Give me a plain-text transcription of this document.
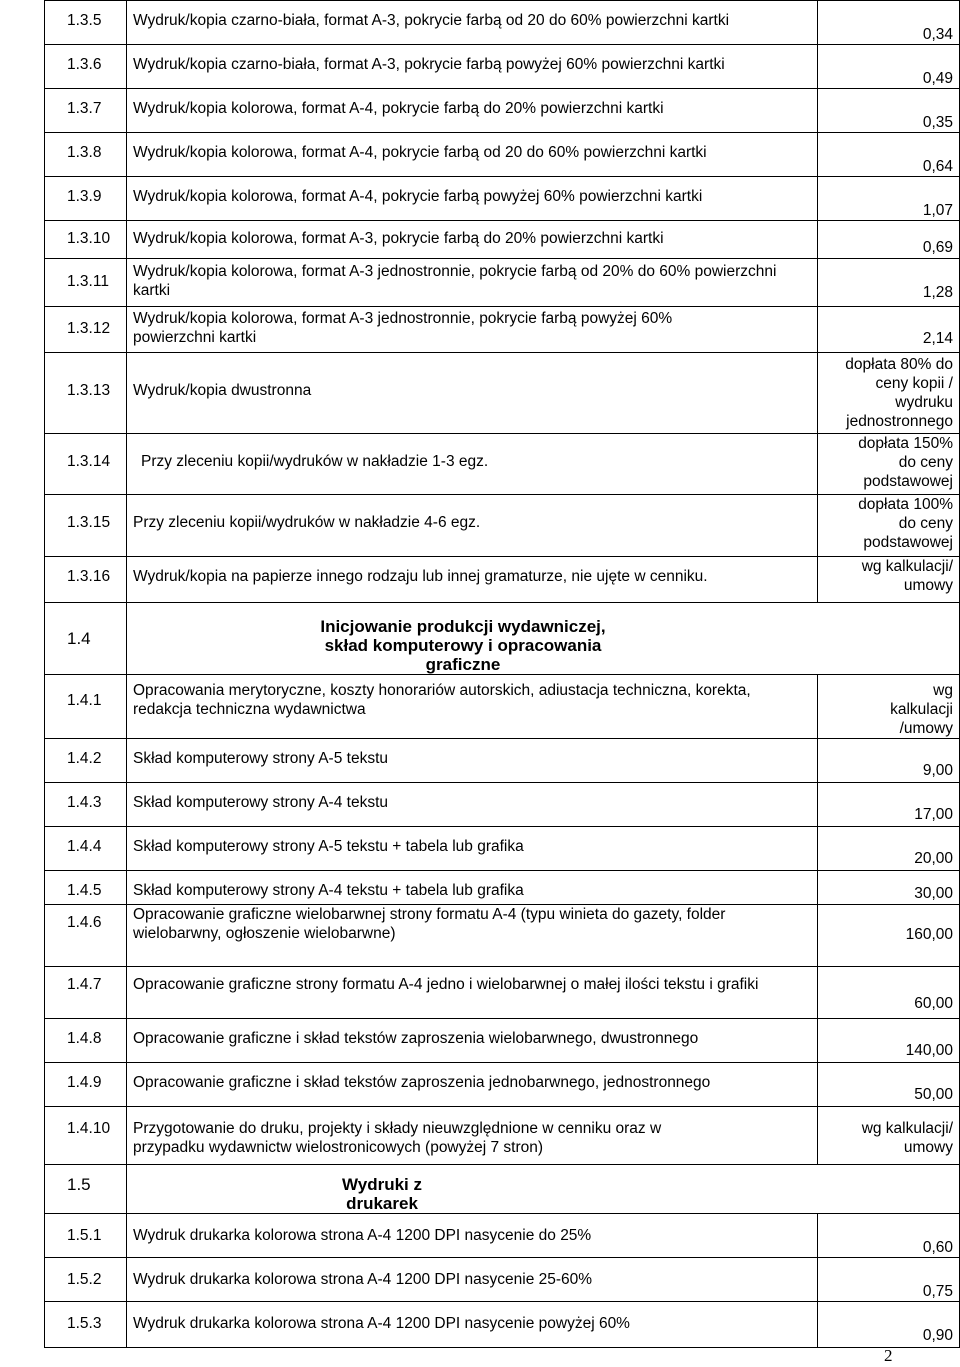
1.3.5	Wydruk/kopia czarno-biała, format A-3, pokrycie farbą od 20 do 60% powierzchni kartki	0,34

1.3.6	Wydruk/kopia czarno-biała, format A-3, pokrycie farbą powyżej 60% powierzchni kartki	0,49

1.3.7	Wydruk/kopia kolorowa, format A-4, pokrycie farbą do 20% powierzchni kartki	0,35

1.3.8	Wydruk/kopia kolorowa, format A-4, pokrycie farbą od 20 do 60% powierzchni kartki	0,64

1.3.9	Wydruk/kopia kolorowa, format A-4, pokrycie farbą powyżej 60% powierzchni kartki	1,07

1.3.10	Wydruk/kopia kolorowa, format A-3, pokrycie farbą do 20% powierzchni kartki	0,69

1.3.11	Wydruk/kopia kolorowa, format A-3 jednostronnie, pokrycie farbą od 20% do 60% powierzchni kartki	1,28

1.3.12	Wydruk/kopia kolorowa, format A-3 jednostronnie, pokrycie farbą powyżej 60% powierzchni kartki	2,14

1.3.13	Wydruk/kopia dwustronna	dopłata 80% do ceny kopii / wydruku jednostronnego

1.3.14	Przy zleceniu kopii/wydruków w nakładzie 1-3 egz.	dopłata 150% do ceny podstawowej

1.3.15	Przy zleceniu kopii/wydruków w nakładzie 4-6 egz.	dopłata 100% do ceny podstawowej

1.3.16	Wydruk/kopia na papierze innego rodzaju lub innej gramaturze, nie ujęte w cenniku.	wg kalkulacji/ umowy

1.4	Inicjowanie produkcji wydawniczej, skład komputerowy i opracowania graficzne	

1.4.1	Opracowania merytoryczne, koszty honorariów autorskich, adiustacja techniczna, korekta, redakcja techniczna wydawnictwa	wg kalkulacji /umowy

1.4.2	Skład komputerowy strony A-5 tekstu	9,00

1.4.3	Skład komputerowy strony A-4 tekstu	17,00

1.4.4	Skład komputerowy strony A-5 tekstu + tabela lub grafika	20,00

1.4.5	Skład komputerowy strony A-4 tekstu + tabela lub grafika	30,00

1.4.6	Opracowanie graficzne wielobarwnej strony formatu A-4 (typu winieta do gazety, folder wielobarwny, ogłoszenie wielobarwne)	160,00

1.4.7	Opracowanie graficzne strony formatu A-4 jedno i wielobarwnej o małej ilości tekstu i grafiki	60,00

1.4.8	Opracowanie graficzne i skład tekstów zaproszenia wielobarwnego, dwustronnego	140,00

1.4.9	Opracowanie graficzne i skład tekstów zaproszenia jednobarwnego, jednostronnego	50,00

1.4.10	Przygotowanie do druku, projekty i składy nieuwzględnione w cenniku oraz w przypadku wydawnictw wielostronicowych (powyżej 7 stron)	wg kalkulacji/ umowy

1.5	Wydruki z drukarek	

1.5.1	Wydruk drukarka kolorowa strona A-4 1200 DPI nasycenie do 25%	0,60

1.5.2	Wydruk drukarka kolorowa strona A-4 1200 DPI nasycenie 25-60%	0,75

1.5.3	Wydruk drukarka kolorowa strona A-4 1200 DPI nasycenie powyżej 60%	0,90
2
